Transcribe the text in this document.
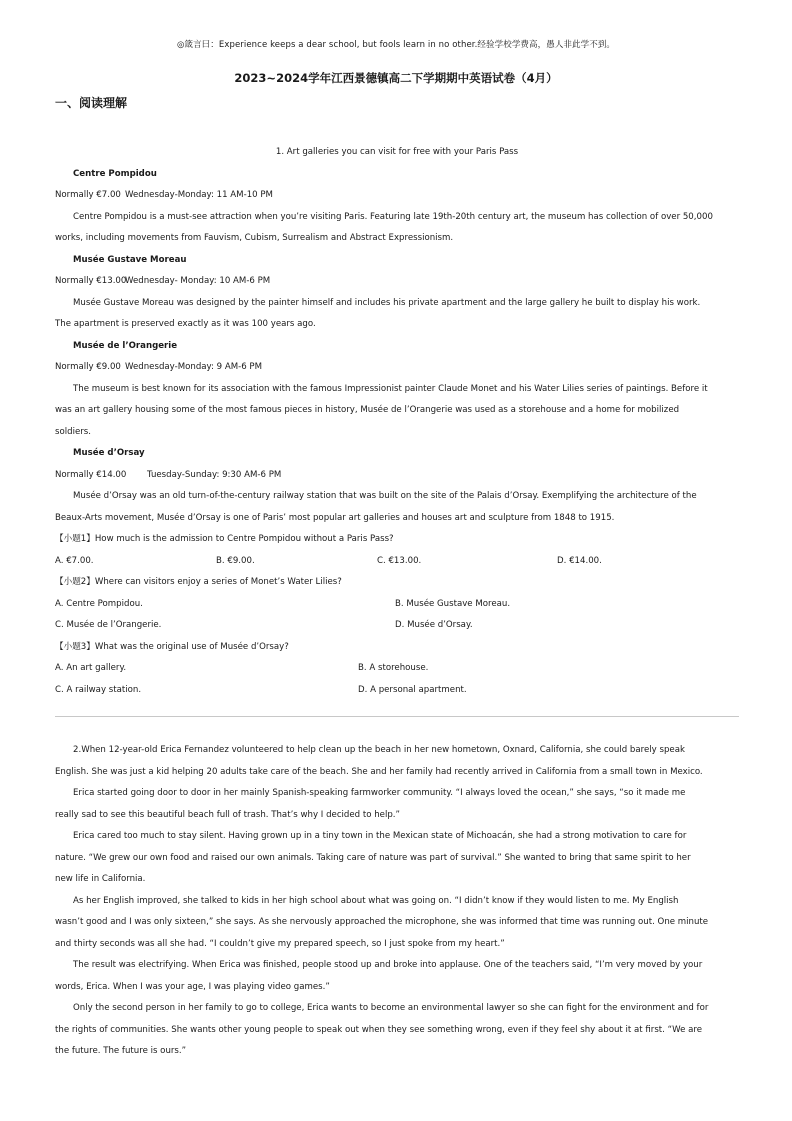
◎箴言曰：Experience keeps a dear school, but fools learn in no other.经验学校学费高，愚人非此学不到。
2023~2024学年江西景德镇高二下学期期中英语试卷（4月）
一、阅读理解
1. Art galleries you can visit for free with your Paris Pass
Centre Pompidou
Normally €7.00 Wednesday-Monday: 11 AM-10 PM
Centre Pompidou is a must-see attraction when you’re visiting Paris. Featuring late 19th-20th century art, the museum has collection of over 50,000
works, including movements from Fauvism, Cubism, Surrealism and Abstract Expressionism.
Musée Gustave Moreau
Normally €13.00Wednesday- Monday: 10 AM-6 PM
Musée Gustave Moreau was designed by the painter himself and includes his private apartment and the large gallery he built to display his work.
The apartment is preserved exactly as it was 100 years ago.
Musée de l’Orangerie
Normally €9.00 Wednesday-Monday: 9 AM-6 PM
The museum is best known for its association with the famous Impressionist painter Claude Monet and his Water Lilies series of paintings. Before it
was an art gallery housing some of the most famous pieces in history, Musée de l’Orangerie was used as a storehouse and a home for mobilized
soldiers.
Musée d’Orsay
Normally €14.00 Tuesday-Sunday: 9:30 AM-6 PM
Musée d’Orsay was an old turn-of-the-century railway station that was built on the site of the Palais d’Orsay. Exemplifying the architecture of the
Beaux-Arts movement, Musée d’Orsay is one of Paris’ most popular art galleries and houses art and sculpture from 1848 to 1915.
【小题1】How much is the admission to Centre Pompidou without a Paris Pass?
A. €7.00.	B. €9.00.	C. €13.00.	D. €14.00.
【小题2】Where can visitors enjoy a series of Monet’s Water Lilies?
A. Centre Pompidou.	B. Musée Gustave Moreau.
C. Musée de l’Orangerie.	D. Musée d’Orsay.
【小题3】What was the original use of Musée d’Orsay?
A. An art gallery.	B. A storehouse.
C. A railway station.	D. A personal apartment.
2.When 12-year-old Erica Fernandez volunteered to help clean up the beach in her new hometown, Oxnard, California, she could barely speak
English. She was just a kid helping 20 adults take care of the beach. She and her family had recently arrived in California from a small town in Mexico.
Erica started going door to door in her mainly Spanish-speaking farmworker community. “I always loved the ocean,” she says, “so it made me
really sad to see this beautiful beach full of trash. That’s why I decided to help.”
Erica cared too much to stay silent. Having grown up in a tiny town in the Mexican state of Michoacán, she had a strong motivation to care for
nature. “We grew our own food and raised our own animals. Taking care of nature was part of survival.” She wanted to bring that same spirit to her
new life in California.
As her English improved, she talked to kids in her high school about what was going on. “I didn’t know if they would listen to me. My English
wasn’t good and I was only sixteen,” she says. As she nervously approached the microphone, she was informed that time was running out. One minute
and thirty seconds was all she had. “I couldn’t give my prepared speech, so I just spoke from my heart.”
The result was electrifying. When Erica was finished, people stood up and broke into applause. One of the teachers said, “I’m very moved by your
words, Erica. When I was your age, I was playing video games.”
Only the second person in her family to go to college, Erica wants to become an environmental lawyer so she can fight for the environment and for
the rights of communities. She wants other young people to speak out when they see something wrong, even if they feel shy about it at first. “We are
the future. The future is ours.”
